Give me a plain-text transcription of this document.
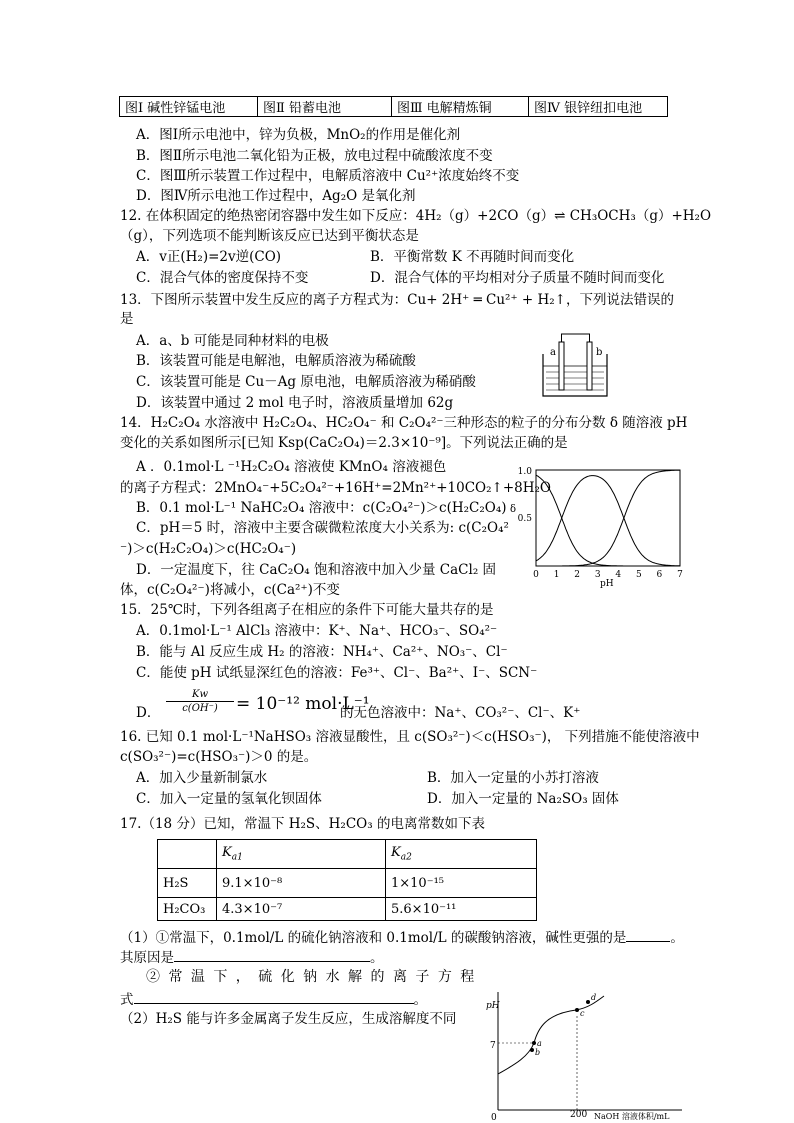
图Ⅰ 碱性锌锰电池	图Ⅱ 铅蓄电池	图Ⅲ 电解精炼铜	图Ⅳ 银锌纽扣电池
A．图Ⅰ所示电池中，锌为负极，MnO₂的作用是催化剂
B．图Ⅱ所示电池二氧化铅为正极，放电过程中硫酸浓度不变
C．图Ⅲ所示装置工作过程中，电解质溶液中 Cu²⁺浓度始终不变
D．图Ⅳ所示电池工作过程中，Ag₂O 是氧化剂
12. 在体积固定的绝热密闭容器中发生如下反应：4H₂（g）+2CO（g）⇌ CH₃OCH₃（g）+H₂O
（g），下列选项不能判断该反应已达到平衡状态是
A．v正(H₂)=2v逆(CO)	B．平衡常数 K 不再随时间而变化
C．混合气体的密度保持不变	D．混合气体的平均相对分子质量不随时间而变化
13．下图所示装置中发生反应的离子方程式为：Cu+ 2H⁺ ═ Cu²⁺ + H₂↑，下列说法错误的
是
A．a、b 可能是同种材料的电极
B．该装置可能是电解池，电解质溶液为稀硫酸
C．该装置可能是 Cu－Ag 原电池，电解质溶液为稀硝酸
D．该装置中通过 2 mol 电子时，溶液质量增加 62g
a	b
14．H₂C₂O₄ 水溶液中 H₂C₂O₄、HC₂O₄⁻ 和 C₂O₄²⁻三种形态的粒子的分布分数 δ 随溶液 pH
变化的关系如图所示[已知 Ksp(CaC₂O₄)＝2.3×10⁻⁹]。下列说法正确的是
A ．0.1mol·L ⁻¹H₂C₂O₄ 溶液使 KMnO₄ 溶液褪色
的离子方程式：2MnO₄⁻+5C₂O₄²⁻+16H⁺=2Mn²⁺+10CO₂↑+8H₂O
B．0.1 mol·L⁻¹ NaHC₂O₄ 溶液中：c(C₂O₄²⁻)＞c(H₂C₂O₄)
C．pH＝5 时，溶液中主要含碳微粒浓度大小关系为: c(C₂O₄²
⁻)＞c(H₂C₂O₄)＞c(HC₂O₄⁻)
D．一定温度下，往 CaC₂O₄ 饱和溶液中加入少量 CaCl₂ 固
体，c(C₂O₄²⁻)将减小，c(Ca²⁺)不变
1.0
0.5
δ
0 1 2 3 4 5 6 7
pH
15．25℃时，下列各组离子在相应的条件下可能大量共存的是
A．0.1mol·L⁻¹ AlCl₃ 溶液中：K⁺、Na⁺、HCO₃⁻、SO₄²⁻
B．能与 Al 反应生成 H₂ 的溶液：NH₄⁺、Ca²⁺、NO₃⁻、Cl⁻
C．能使 pH 试纸显深红色的溶液：Fe³⁺、Cl⁻、Ba²⁺、I⁻、SCN⁻
D． $\frac{Kw}{c(OH^-)} = 10^{-12}$ mol·L⁻¹
的无色溶液中：Na⁺、CO₃²⁻、Cl⁻、K⁺
16. 已知 0.1 mol·L⁻¹NaHSO₃ 溶液显酸性，且 c(SO₃²⁻)＜c(HSO₃⁻)， 下列措施不能使溶液中
c(SO₃²⁻)=c(HSO₃⁻)＞0 的是。
A．加入少量新制氯水	B．加入一定量的小苏打溶液
C．加入一定量的氢氧化钡固体	D．加入一定量的 Na₂SO₃ 固体
17.（18 分）已知，常温下 H₂S、H₂CO₃ 的电离常数如下表
	$K_{a1}$	$K_{a2}$
H₂S	9.1×10⁻⁸	1×10⁻¹⁵
H₂CO₃	4.3×10⁻⁷	5.6×10⁻¹¹
（1）①常温下，0.1mol/L 的硫化钠溶液和 0.1mol/L 的碳酸钠溶液，碱性更强的是	。
其原因是	。
② 常 温 下 ， 硫 化 钠 水 解 的 离 子 方 程
式	。
（2）H₂S 能与许多金属离子发生反应，生成溶解度不同
pH
7
0	200 NaOH 溶液体积/mL
a
b
c
d
